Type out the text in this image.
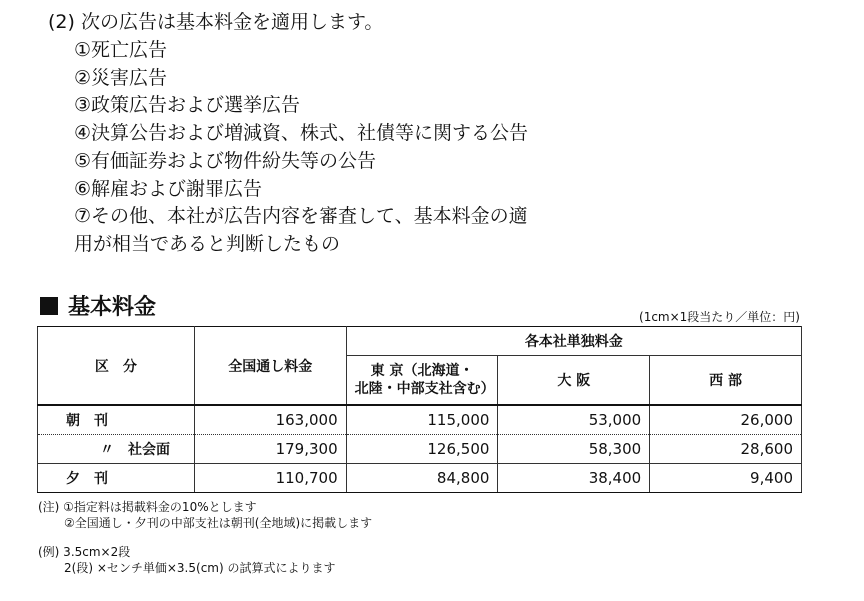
(2) 次の広告は基本料金を適用します。
①死亡広告
②災害広告
③政策広告および選挙広告
④決算公告および増減資、株式、社債等に関する公告
⑤有価証券および物件紛失等の公告
⑥解雇および謝罪広告
⑦その他、本社が広告内容を審査して、基本料金の適
用が相当であると判断したもの
基本料金	(1cm×1段当たり／単位：円)
区　分	全国通し料金	各本社単独料金		

		東 京（北海道・
北陸・中部支社含む）	大 阪	西 部
朝刊	163,000	115,000	53,000	26,000
〃　社会面	179,300	126,500	58,300	28,600
夕刊	110,700	84,800	38,400	9,400
(注) ①指定料は掲載料金の10%とします
②全国通し・夕刊の中部支社は朝刊(全地域)に掲載します
(例) 3.5cm×2段
2(段) ×センチ単価×3.5(cm) の試算式によります
